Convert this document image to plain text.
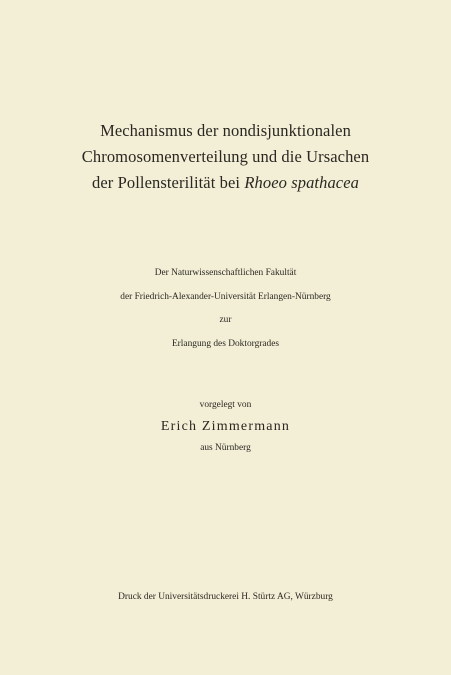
Mechanismus der nondisjunktionalen
Chromosomenverteilung und die Ursachen
der Pollensterilität bei Rhoeo spathacea
Der Naturwissenschaftlichen Fakultät
der Friedrich-Alexander-Universität Erlangen-Nürnberg
zur
Erlangung des Doktorgrades
vorgelegt von
Erich Zimmermann
aus Nürnberg
Druck der Universitätsdruckerei H. Stürtz AG, Würzburg
